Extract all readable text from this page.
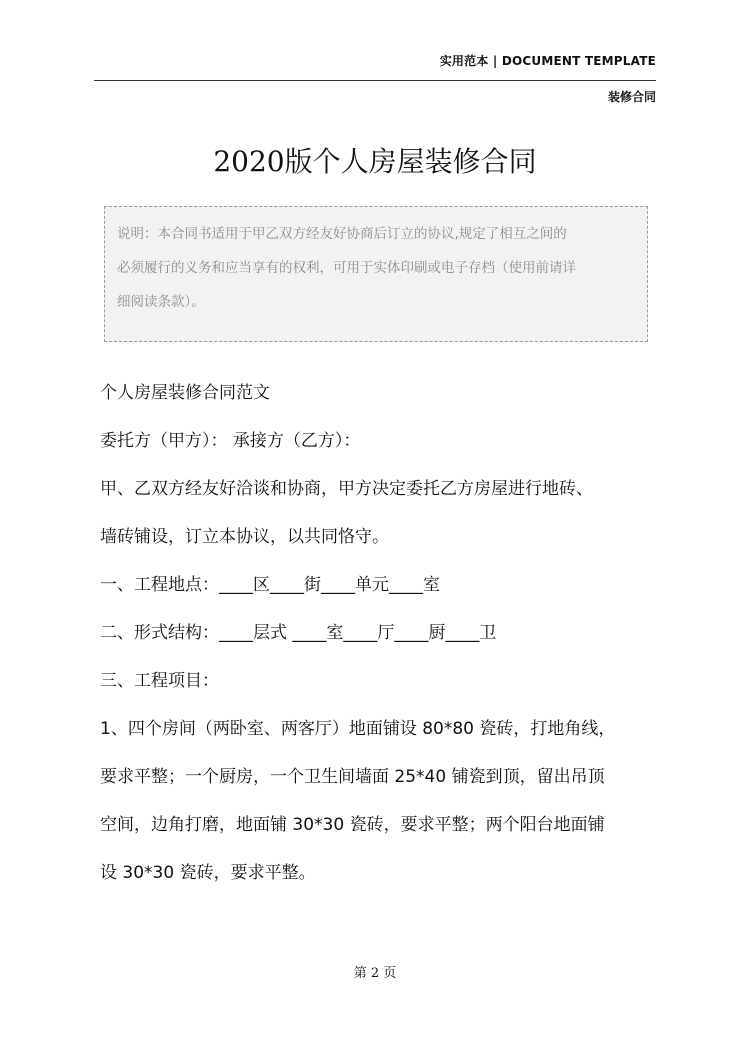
实用范本 | DOCUMENT TEMPLATE
装修合同
2020版个人房屋装修合同
说明：本合同书适用于甲乙双方经友好协商后订立的协议,规定了相互之间的
必须履行的义务和应当享有的权利，可用于实体印刷或电子存档（使用前请详
细阅读条款）。

个人房屋装修合同范文

委托方（甲方）： 承接方（乙方）：

甲、乙双方经友好洽谈和协商，甲方决定委托乙方房屋进行地砖、

墙砖铺设，订立本协议，以共同恪守。

一、工程地点：____区____街____单元____室

二、形式结构：____层式 ____室____厅____厨____卫

三、工程项目：

1、四个房间（两卧室、两客厅）地面铺设 80*80 瓷砖，打地角线，

要求平整；一个厨房，一个卫生间墙面 25*40 铺瓷到顶，留出吊顶

空间，边角打磨，地面铺 30*30 瓷砖，要求平整；两个阳台地面铺

设 30*30 瓷砖，要求平整。

第 2 页
